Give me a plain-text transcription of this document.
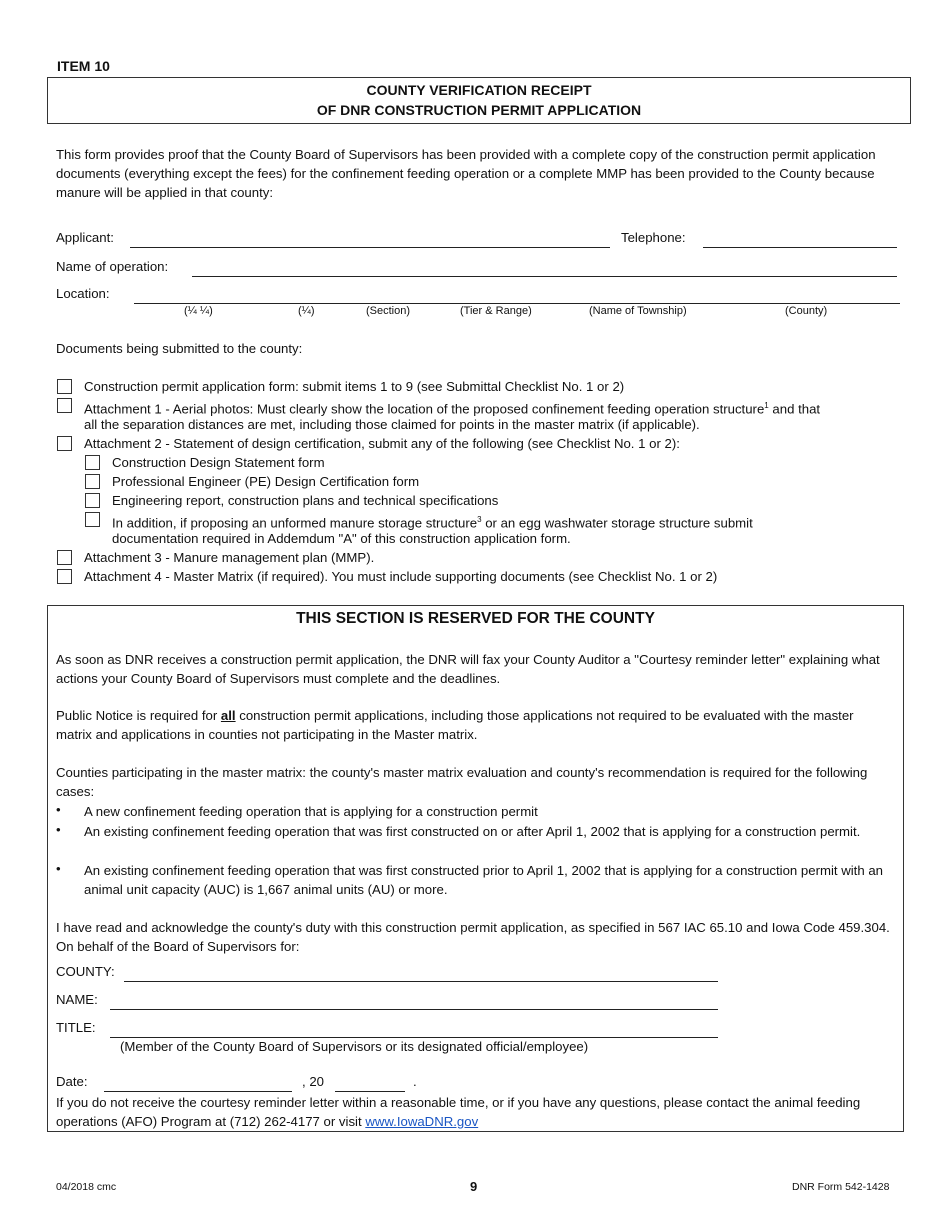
ITEM 10
COUNTY VERIFICATION RECEIPT
OF DNR CONSTRUCTION PERMIT APPLICATION
This form provides proof that the County Board of Supervisors has been provided with a complete copy of the construction permit application documents (everything except the fees) for the confinement feeding operation or a complete MMP has been provided to the County because manure will be applied in that county:
Applicant:	Telephone:
Name of operation:
Location:
(¼ ¼)	(¼)	(Section)	(Tier & Range)	(Name of Township)	(County)
Documents being submitted to the county:
Construction permit application form: submit items 1 to 9 (see Submittal Checklist No. 1 or 2)
Attachment 1 - Aerial photos: Must clearly show the location of the proposed confinement feeding operation structure$^1$ and that
all the separation distances are met, including those claimed for points in the master matrix (if applicable).
Attachment 2 - Statement of design certification, submit any of the following (see Checklist No. 1 or 2):
Construction Design Statement form
Professional Engineer (PE) Design Certification form
Engineering report, construction plans and technical specifications
In addition, if proposing an unformed manure storage structure$^3$ or an egg washwater storage structure submit
documentation required in Addemdum "A" of this construction application form.
Attachment 3 - Manure management plan (MMP).
Attachment 4 - Master Matrix (if required). You must include supporting documents (see Checklist No. 1 or 2)
THIS SECTION IS RESERVED FOR THE COUNTY
As soon as DNR receives a construction permit application, the DNR will fax your County Auditor a "Courtesy reminder letter" explaining what actions your County Board of Supervisors must complete and the deadlines.
Public Notice is required for all construction permit applications, including those applications not required to be evaluated with the master matrix and applications in counties not participating in the Master matrix.
Counties participating in the master matrix: the county's master matrix evaluation and county's recommendation is required for the following cases:
•	A new confinement feeding operation that is applying for a construction permit
•	An existing confinement feeding operation that was first constructed on or after April 1, 2002 that is applying for a construction permit.
•	An existing confinement feeding operation that was first constructed prior to April 1, 2002 that is applying for a construction permit with an animal unit capacity (AUC) is 1,667 animal units (AU) or more.
I have read and acknowledge the county's duty with this construction permit application, as specified in 567 IAC 65.10 and Iowa Code 459.304. On behalf of the Board of Supervisors for:
COUNTY:
NAME:
TITLE:
(Member of the County Board of Supervisors or its designated official/employee)
Date:	, 20	.
If you do not receive the courtesy reminder letter within a reasonable time, or if you have any questions, please contact the animal feeding operations (AFO) Program at (712) 262-4177 or visit www.IowaDNR.gov
04/2018 cmc	9	DNR Form 542-1428
